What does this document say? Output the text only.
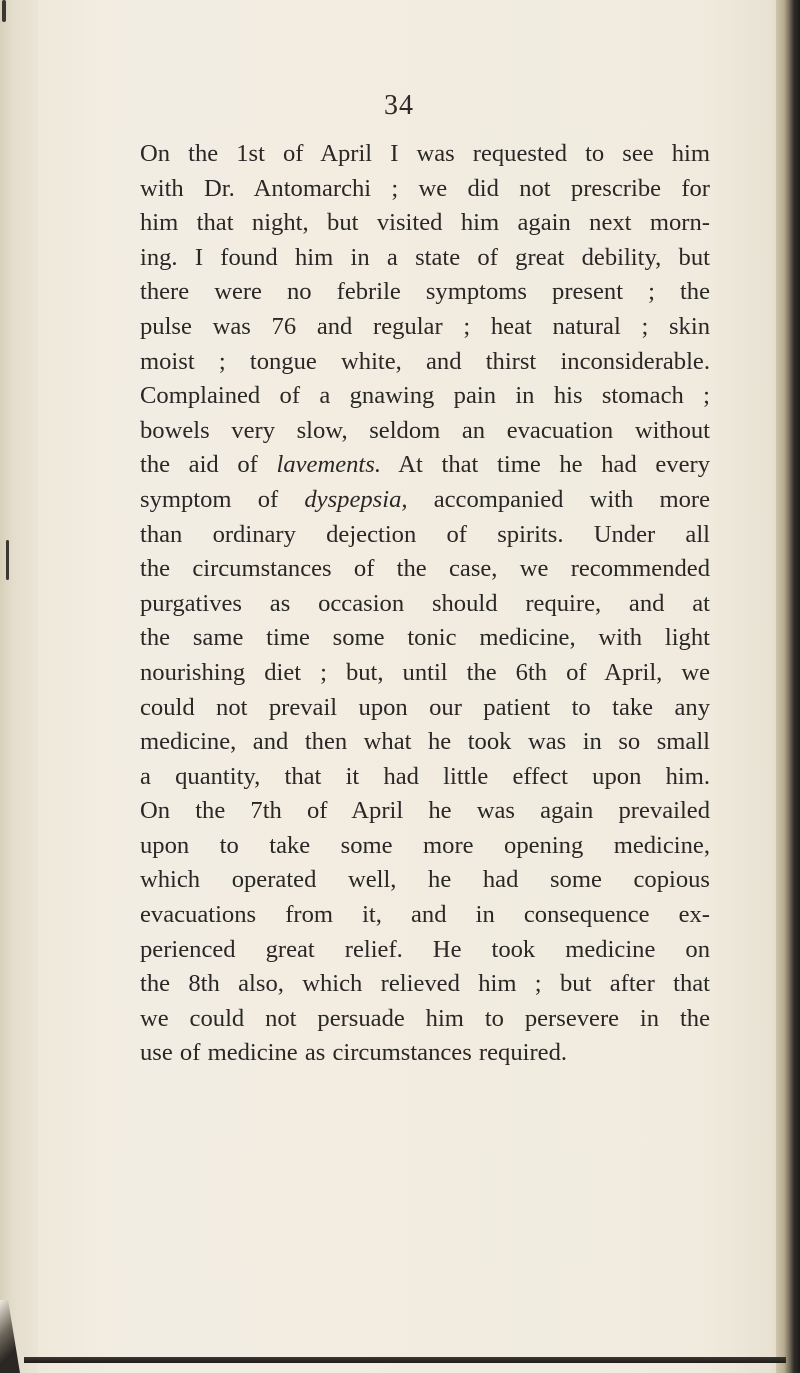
34
On the 1st of April I was requested to see him
with Dr. Antomarchi ; we did not prescribe for
him that night, but visited him again next morn-
ing. I found him in a state of great debility, but
there were no febrile symptoms present ; the
pulse was 76 and regular ; heat natural ; skin
moist ; tongue white, and thirst inconsiderable.
Complained of a gnawing pain in his stomach ;
bowels very slow, seldom an evacuation without
the aid of lavements. At that time he had every
symptom of dyspepsia, accompanied with more
than ordinary dejection of spirits. Under all
the circumstances of the case, we recommended
purgatives as occasion should require, and at
the same time some tonic medicine, with light
nourishing diet ; but, until the 6th of April, we
could not prevail upon our patient to take any
medicine, and then what he took was in so small
a quantity, that it had little effect upon him.
On the 7th of April he was again prevailed
upon to take some more opening medicine,
which operated well, he had some copious
evacuations from it, and in consequence ex-
perienced great relief. He took medicine on
the 8th also, which relieved him ; but after that
we could not persuade him to persevere in the
use of medicine as circumstances required.
